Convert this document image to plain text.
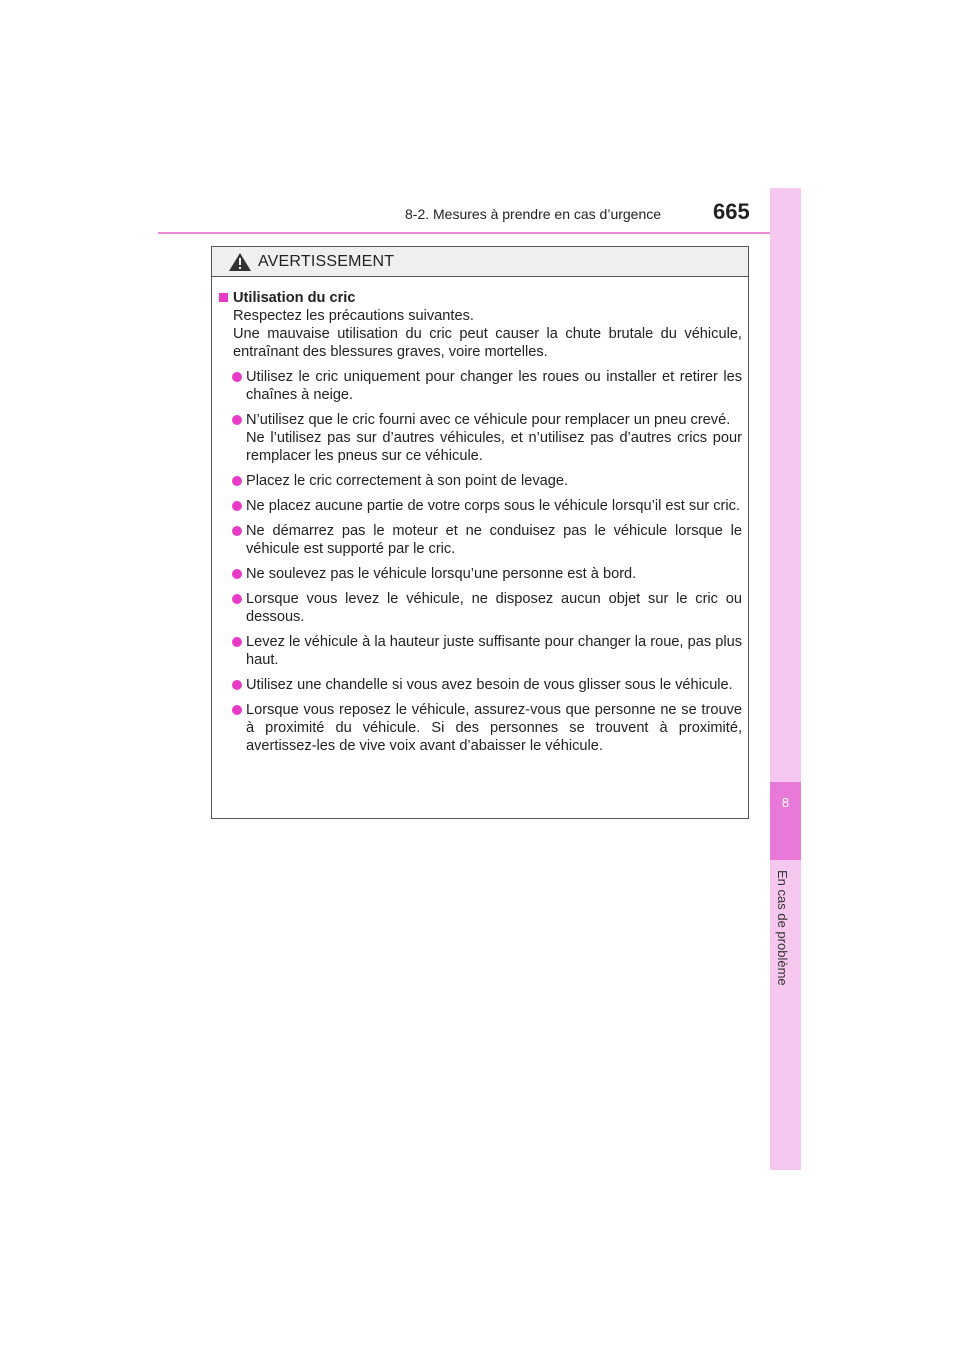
8-2. Mesures à prendre en cas d’urgence 665
8
En cas de problème
AVERTISSEMENT
Utilisation du cric

Respectez les précautions suivantes.

Une mauvaise utilisation du cric peut causer la chute brutale du véhicule, entraînant des blessures graves, voire mortelles.

Utilisez le cric uniquement pour changer les roues ou installer et retirer les chaînes à neige.
N’utilisez que le cric fourni avec ce véhicule pour remplacer un pneu crevé.
Ne l’utilisez pas sur d’autres véhicules, et n’utilisez pas d’autres crics pour remplacer les pneus sur ce véhicule.
Placez le cric correctement à son point de levage.
Ne placez aucune partie de votre corps sous le véhicule lorsqu’il est sur cric.
Ne démarrez pas le moteur et ne conduisez pas le véhicule lorsque le véhicule est supporté par le cric.
Ne soulevez pas le véhicule lorsqu’une personne est à bord.
Lorsque vous levez le véhicule, ne disposez aucun objet sur le cric ou dessous.
Levez le véhicule à la hauteur juste suffisante pour changer la roue, pas plus haut.
Utilisez une chandelle si vous avez besoin de vous glisser sous le véhicule.
Lorsque vous reposez le véhicule, assurez-vous que personne ne se trouve à proximité du véhicule. Si des personnes se trouvent à proximité, avertissez-les de vive voix avant d’abaisser le véhicule.
